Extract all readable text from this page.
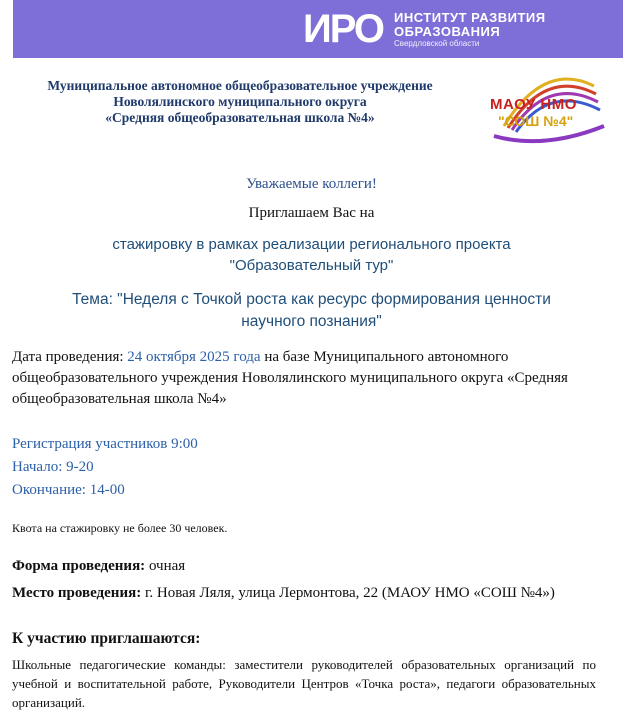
ИРО ИНСТИТУТ РАЗВИТИЯ
ОБРАЗОВАНИЯ
Свердловской области
Муниципальное автономное общеобразовательное учреждение
Новолялинского муниципального округа
«Средняя общеобразовательная школа №4»
МАОУ НМО
"СОШ №4"
Уважаемые коллеги!
Приглашаем Вас на
стажировку в рамках реализации регионального проекта
"Образовательный тур"
Тема: "Неделя с Точкой роста как ресурс формирования ценности
научного познания"
Дата проведения: 24 октября 2025 года на базе Муниципального автономного общеобразовательного учреждения Новолялинского муниципального округа «Средняя общеобразовательная школа №4»
Регистрация участников 9:00
Начало: 9-20
Окончание: 14-00
Квота на стажировку не более 30 человек.
Форма проведения: очная
Место проведения: г. Новая Ляля, улица Лермонтова, 22 (МАОУ НМО «СОШ №4»)
К участию приглашаются:
Школьные педагогические команды: заместители руководителей образовательных организаций по учебной и воспитательной работе, Руководители Центров «Точка роста», педагоги образовательных организаций.
